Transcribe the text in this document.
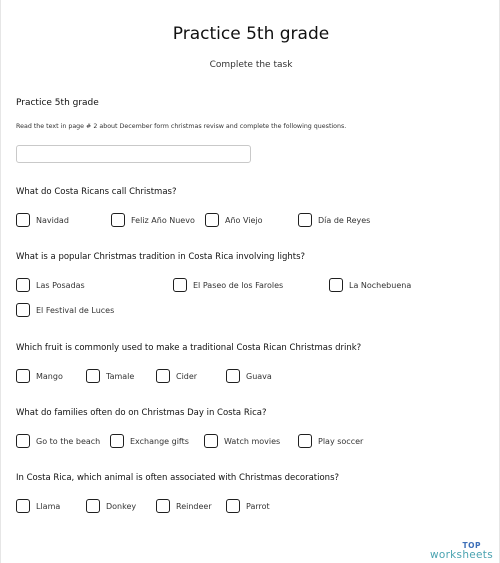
Practice 5th grade
Complete the task
Practice 5th grade
Read the text in page # 2 about December form christmas revisw and complete the following questions.
What do Costa Ricans call Christmas?
Navidad	Feliz Año Nuevo	Año Viejo	Día de Reyes
What is a popular Christmas tradition in Costa Rica involving lights?
Las Posadas	El Paseo de los Faroles	La Nochebuena
El Festival de Luces
Which fruit is commonly used to make a traditional Costa Rican Christmas drink?
Mango	Tamale	Cider	Guava
What do families often do on Christmas Day in Costa Rica?
Go to the beach	Exchange gifts	Watch movies	Play soccer
In Costa Rica, which animal is often associated with Christmas decorations?
Llama	Donkey	Reindeer	Parrot
TOP
worksheets
